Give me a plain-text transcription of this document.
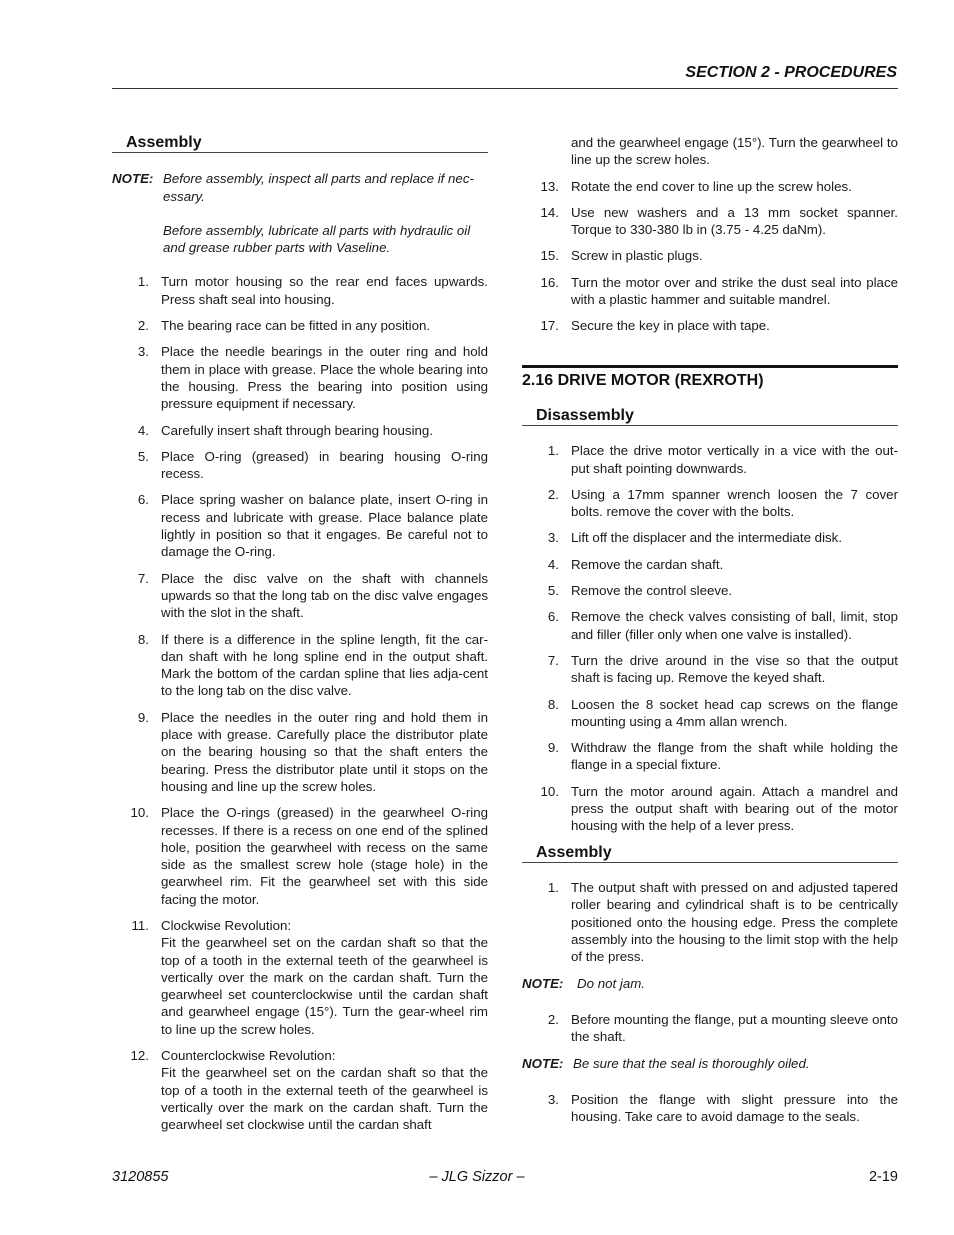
SECTION 2 - PROCEDURES
Assembly
NOTE: Before assembly, inspect all parts and replace if nec-essary.
Before assembly, lubricate all parts with hydraulic oil and grease rubber parts with Vaseline.
1. Turn motor housing so the rear end faces upwards. Press shaft seal into housing.
2. The bearing race can be fitted in any position.
3. Place the needle bearings in the outer ring and hold them in place with grease. Place the whole bearing into the housing. Press the bearing into position using pressure equipment if necessary.
4. Carefully insert shaft through bearing housing.
5. Place O-ring (greased) in bearing housing O-ring recess.
6. Place spring washer on balance plate, insert O-ring in recess and lubricate with grease. Place balance plate lightly in position so that it engages. Be careful not to damage the O-ring.
7. Place the disc valve on the shaft with channels upwards so that the long tab on the disc valve engages with the slot in the shaft.
8. If there is a difference in the spline length, fit the car-dan shaft with he long spline end in the output shaft. Mark the bottom of the cardan spline that lies adja-cent to the long tab on the disc valve.
9. Place the needles in the outer ring and hold them in place with grease. Carefully place the distributor plate on the bearing housing so that the shaft enters the bearing. Press the distributor plate until it stops on the housing and line up the screw holes.
10. Place the O-rings (greased) in the gearwheel O-ring recesses. If there is a recess on one end of the splined hole, position the gearwheel with recess on the same side as the smallest screw hole (stage hole) in the gearwheel rim. Fit the gearwheel set with this side facing the motor.
11. Clockwise Revolution:
Fit the gearwheel set on the cardan shaft so that the top of a tooth in the external teeth of the gearwheel is vertically over the mark on the cardan shaft. Turn the gearwheel set counterclockwise until the cardan shaft and gearwheel engage (15°). Turn the gear-wheel rim to line up the screw holes.
12. Counterclockwise Revolution:
Fit the gearwheel set on the cardan shaft so that the top of a tooth in the external teeth of the gearwheel is vertically over the mark on the cardan shaft. Turn the gearwheel set clockwise until the cardan shaft
and the gearwheel engage (15°). Turn the gearwheel to line up the screw holes.
13. Rotate the end cover to line up the screw holes.
14. Use new washers and a 13 mm socket spanner. Torque to 330-380 lb in (3.75 - 4.25 daNm).
15. Screw in plastic plugs.
16. Turn the motor over and strike the dust seal into place with a plastic hammer and suitable mandrel.
17. Secure the key in place with tape.
2.16 DRIVE MOTOR (REXROTH)
Disassembly
1. Place the drive motor vertically in a vice with the out-put shaft pointing downwards.
2. Using a 17mm spanner wrench loosen the 7 cover bolts. remove the cover with the bolts.
3. Lift off the displacer and the intermediate disk.
4. Remove the cardan shaft.
5. Remove the control sleeve.
6. Remove the check valves consisting of ball, limit, stop and filler (filler only when one valve is installed).
7. Turn the drive around in the vise so that the output shaft is facing up. Remove the keyed shaft.
8. Loosen the 8 socket head cap screws on the flange mounting using a 4mm allan wrench.
9. Withdraw the flange from the shaft while holding the flange in a special fixture.
10. Turn the motor around again. Attach a mandrel and press the output shaft with bearing out of the motor housing with the help of a lever press.
Assembly
1. The output shaft with pressed on and adjusted tapered roller bearing and cylindrical shaft is to be centrically positioned onto the housing edge. Press the complete assembly into the housing to the limit stop with the help of the press.
NOTE: Do not jam.
2. Before mounting the flange, put a mounting sleeve onto the shaft.
NOTE: Be sure that the seal is thoroughly oiled.
3. Position the flange with slight pressure into the housing. Take care to avoid damage to the seals.
3120855	– JLG Sizzor –	2-19
